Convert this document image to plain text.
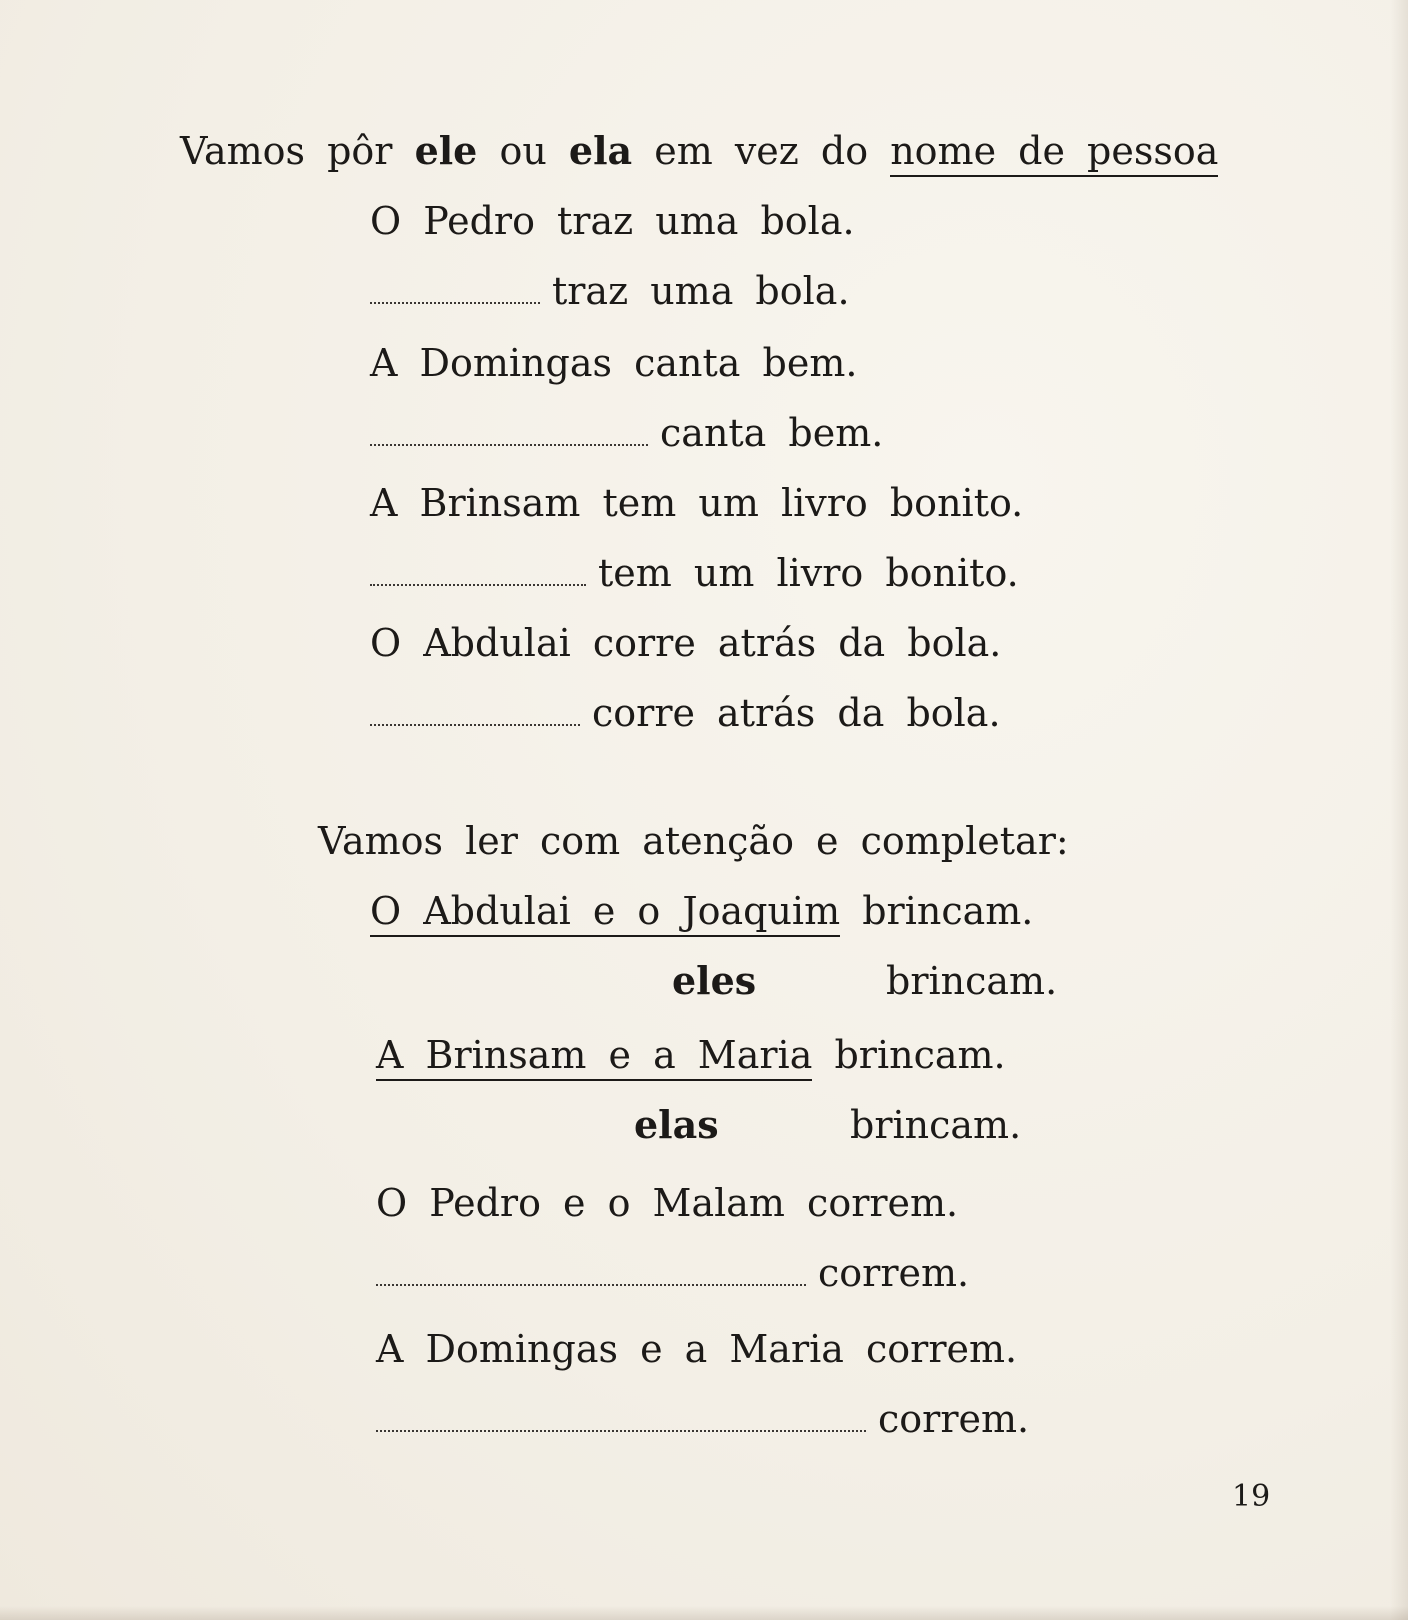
Vamos pôr ele ou ela em vez do nome de pessoa
O Pedro traz uma bola.
traz uma bola.
A Domingas canta bem.
canta bem.
A Brinsam tem um livro bonito.
tem um livro bonito.
O Abdulai corre atrás da bola.
corre atrás da bola.
Vamos ler com atenção e completar:
O Abdulai e o Joaquim brincam.
eles	brincam.
A Brinsam e a Maria brincam.
elas	brincam.
O Pedro e o Malam correm.
correm.
A Domingas e a Maria correm.
correm.
19
